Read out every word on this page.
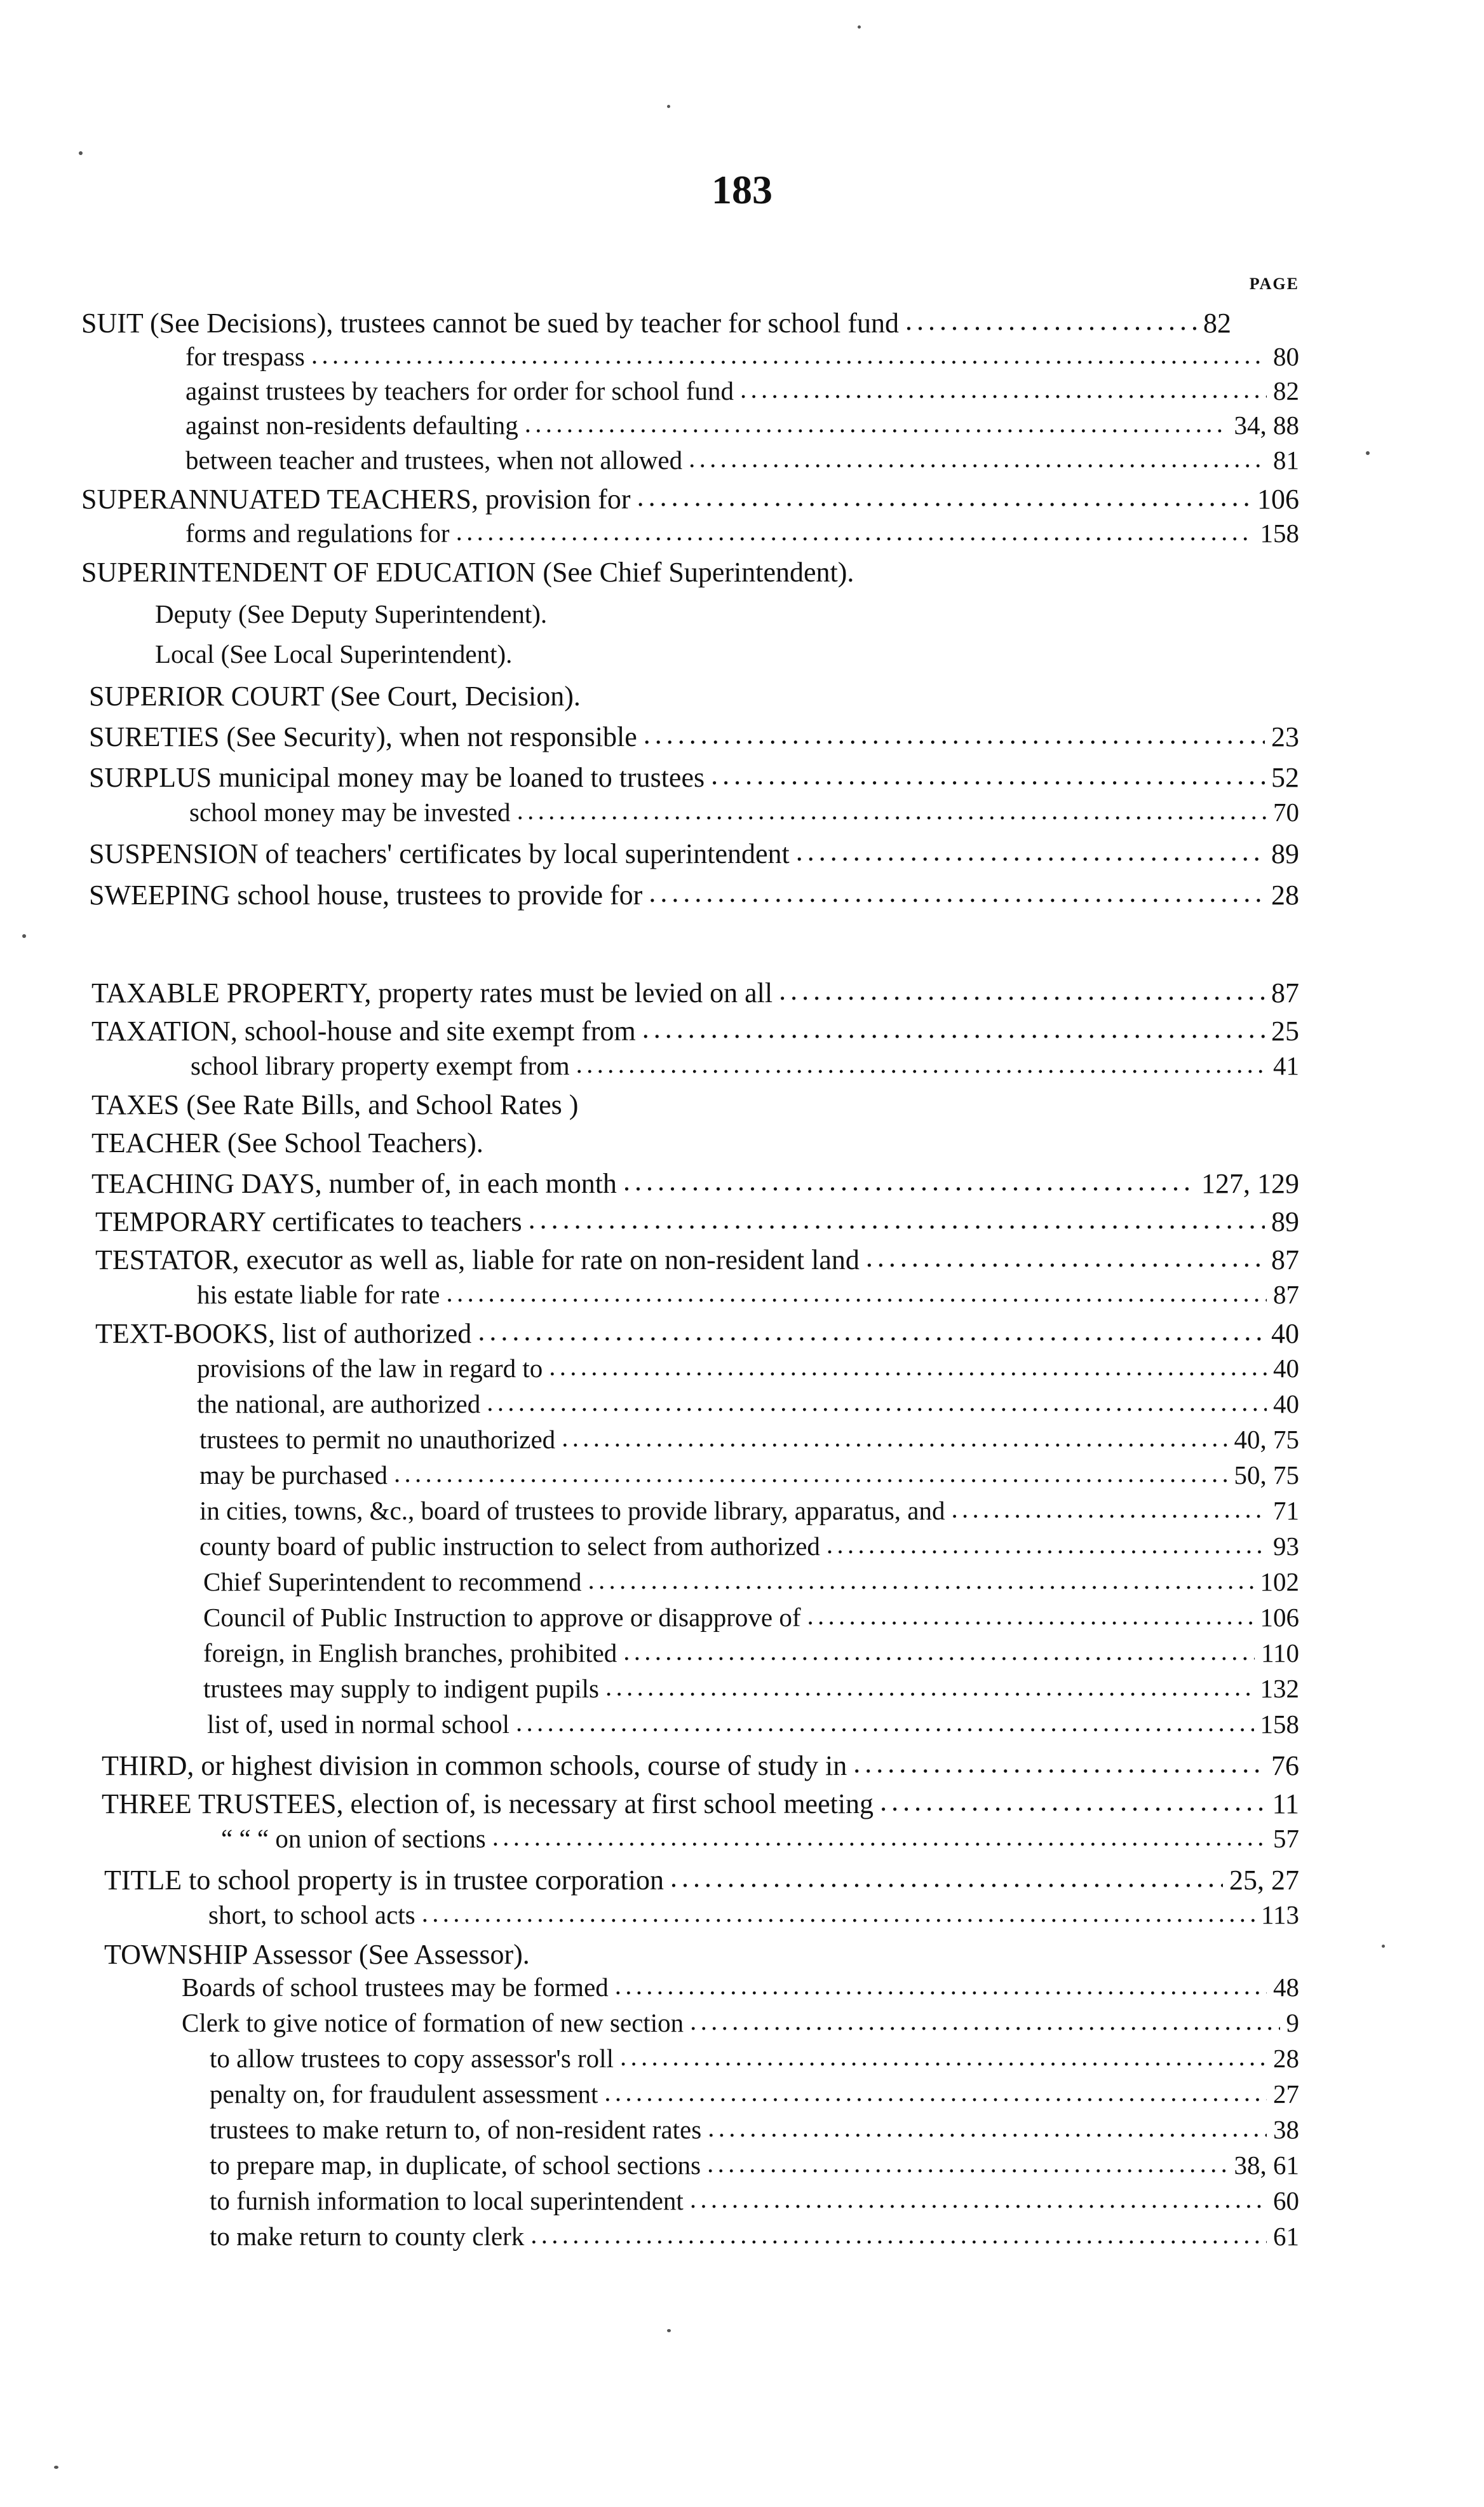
183
PAGE
SUIT (See Decisions), trustees cannot be sued by teacher for school fund . . .	82
for trespass . . .	80
against trustees by teachers for order for school fund . . .	82
against non-residents defaulting . . .	34, 88
between teacher and trustees, when not allowed . . .	81
SUPERANNUATED TEACHERS, provision for . . .	106
forms and regulations for . . .	158
SUPERINTENDENT OF EDUCATION (See Chief Superintendent).
Deputy (See Deputy Superintendent).
Local (See Local Superintendent).
SUPERIOR COURT (See Court, Decision).
SURETIES (See Security), when not responsible . . .	23
SURPLUS municipal money may be loaned to trustees . . .	52
school money may be invested . . .	70
SUSPENSION of teachers' certificates by local superintendent . . .	89
SWEEPING school house, trustees to provide for . . .	28
TAXABLE PROPERTY, property rates must be levied on all . . .	87
TAXATION, school-house and site exempt from . . .	25
school library property exempt from . . .	41
TAXES (See Rate Bills, and School Rates )
TEACHER (See School Teachers).
TEACHING DAYS, number of, in each month . . .	127, 129
TEMPORARY certificates to teachers . . .	89
TESTATOR, executor as well as, liable for rate on non-resident land . . .	87
his estate liable for rate . . .	87
TEXT-BOOKS, list of authorized . . .	40
provisions of the law in regard to . . .	40
the national, are authorized . . .	40
trustees to permit no unauthorized . . .	40, 75
may be purchased . . .	50, 75
in cities, towns, &c., board of trustees to provide library, apparatus, and . . .	71
county board of public instruction to select from authorized . . .	93
Chief Superintendent to recommend . . .	102
Council of Public Instruction to approve or disapprove of . . .	106
foreign, in English branches, prohibited . . .	110
trustees may supply to indigent pupils . . .	132
list of, used in normal school . . .	158
THIRD, or highest division in common schools, course of study in . . .	76
THREE TRUSTEES, election of, is necessary at first school meeting . . .	11
“ “ “ on union of sections . . .	57
TITLE to school property is in trustee corporation . . .	25, 27
short, to school acts . . .	113
TOWNSHIP Assessor (See Assessor).
Boards of school trustees may be formed . . .	48
Clerk to give notice of formation of new section . . .	9
to allow trustees to copy assessor's roll . . .	28
penalty on, for fraudulent assessment . . .	27
trustees to make return to, of non-resident rates . . .	38
to prepare map, in duplicate, of school sections . . .	38, 61
to furnish information to local superintendent . . .	60
to make return to county clerk . . .	61
